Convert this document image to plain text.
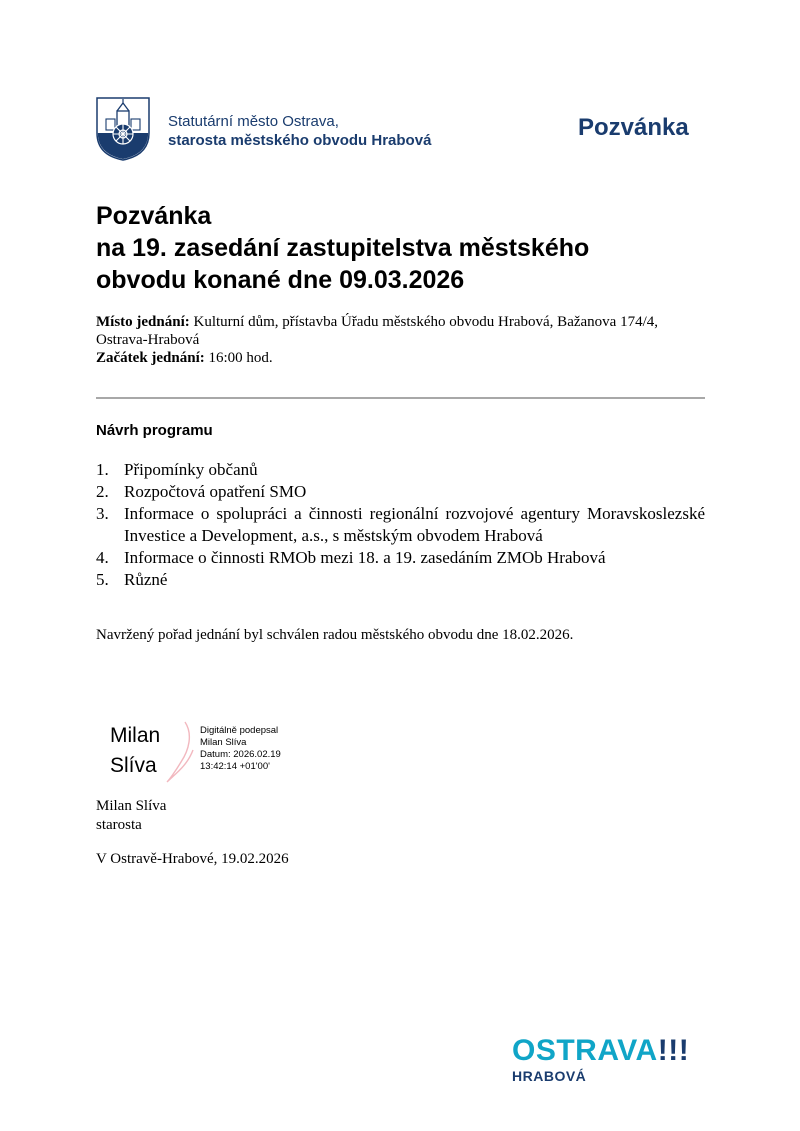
Statutární město Ostrava,
starosta městského obvodu Hrabová	Pozvánka
Pozvánka
na 19. zasedání zastupitelstva městského
obvodu konané dne 09.03.2026
Místo jednání: Kulturní dům, přístavba Úřadu městského obvodu Hrabová, Bažanova 174/4, Ostrava-Hrabová
Začátek jednání: 16:00 hod.
Návrh programu
1. Připomínky občanů
2. Rozpočtová opatření SMO
3. Informace o spolupráci a činnosti regionální rozvojové agentury Moravskoslezské Investice a Development, a.s., s městským obvodem Hrabová
4. Informace o činnosti RMOb mezi 18. a 19. zasedáním ZMOb Hrabová
5. Různé
Navržený pořad jednání byl schválen radou městského obvodu dne 18.02.2026.
Milan
Slíva
Digitálně podepsal
Milan Slíva
Datum: 2026.02.19
13:42:14 +01'00'
Milan Slíva
starosta
V Ostravě-Hrabové, 19.02.2026
OSTRAVA!!!
HRABOVÁ
